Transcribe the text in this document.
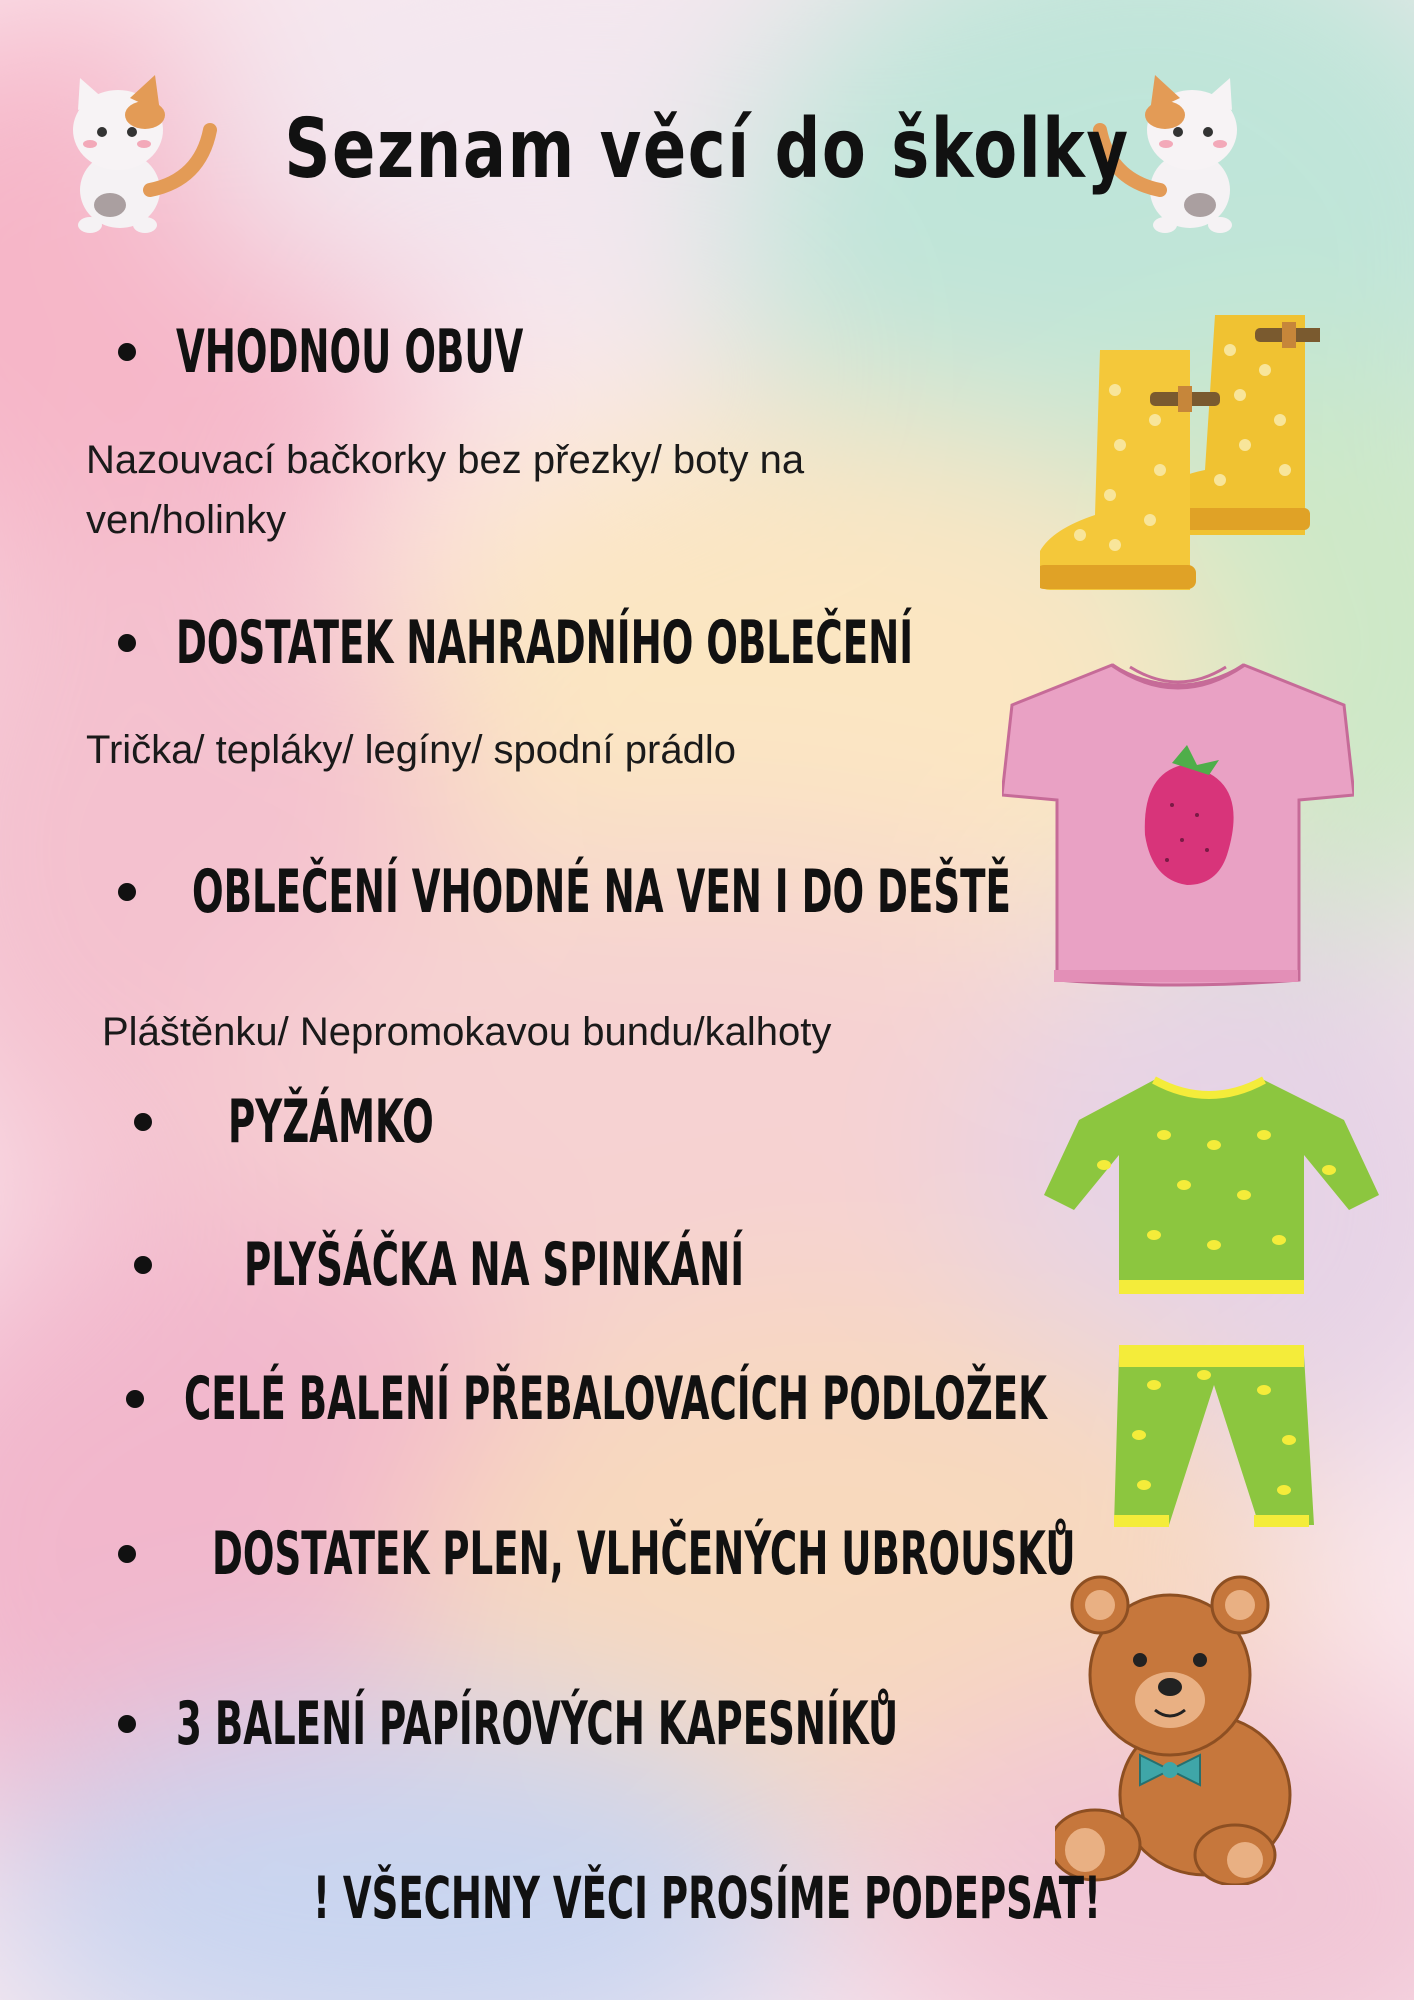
Seznam věcí do školky
VHODNOU OBUV
Nazouvací bačkorky bez přezky/ boty na ven/holinky
DOSTATEK NAHRADNÍHO OBLEČENÍ
Trička/ tepláky/ legíny/ spodní prádlo
OBLEČENÍ VHODNÉ NA VEN I DO DEŠTĚ
Pláštěnku/ Nepromokavou bundu/kalhoty
PYŽÁMKO
PLYŠÁČKA NA SPINKÁNÍ
CELÉ BALENÍ PŘEBALOVACÍCH PODLOŽEK
DOSTATEK PLEN, VLHČENÝCH UBROUSKŮ
3 BALENÍ PAPÍROVÝCH KAPESNÍKŮ
! VŠECHNY VĚCI PROSÍME PODEPSAT!
